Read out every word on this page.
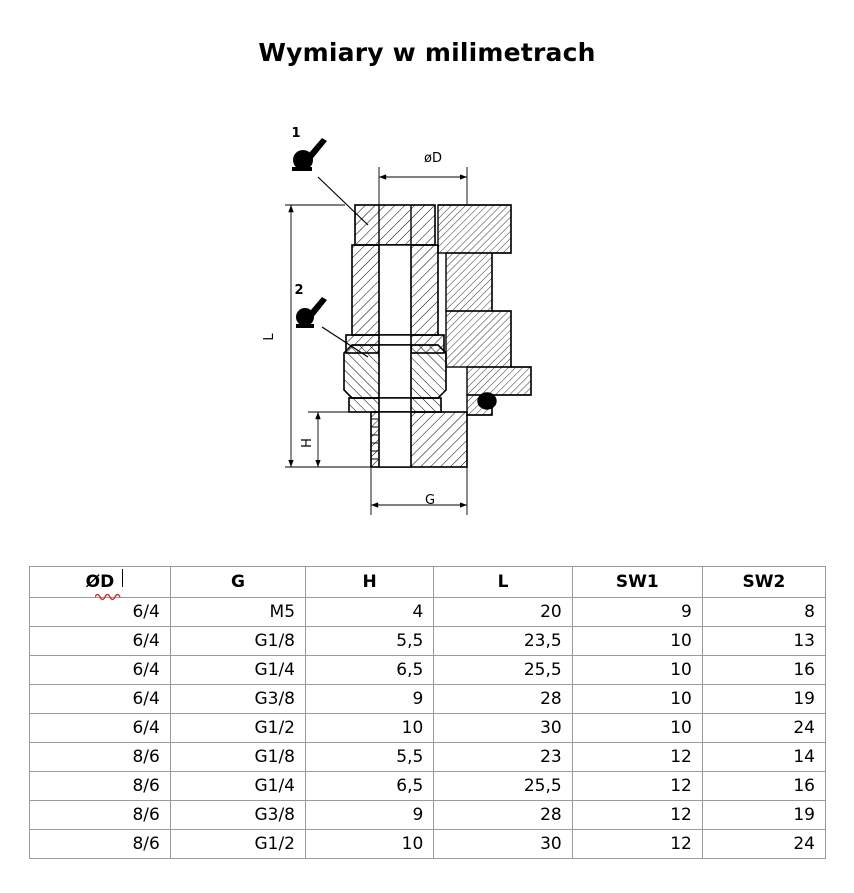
Wymiary w milimetrach
1
2
øD
L
H
G
ØD	G	H	L	SW1	SW2
6/4	M5	4	20	9	8
6/4	G1/8	5,5	23,5	10	13
6/4	G1/4	6,5	25,5	10	16
6/4	G3/8	9	28	10	19
6/4	G1/2	10	30	10	24
8/6	G1/8	5,5	23	12	14
8/6	G1/4	6,5	25,5	12	16
8/6	G3/8	9	28	12	19
8/6	G1/2	10	30	12	24
